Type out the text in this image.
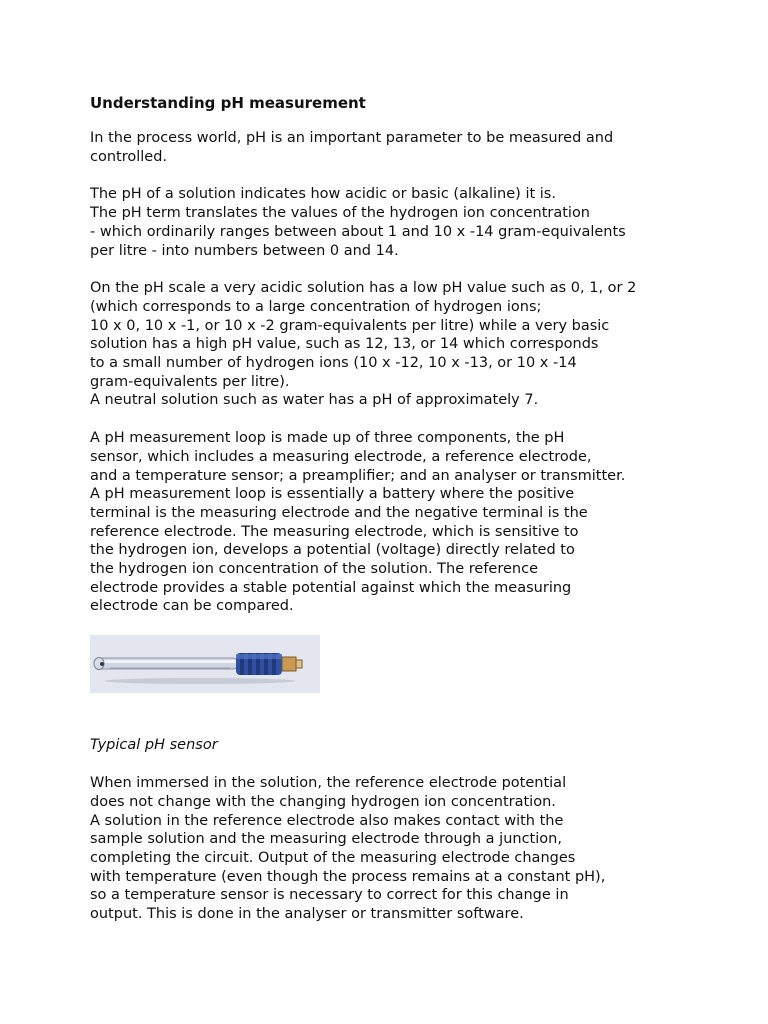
Understanding pH measurement
In the process world, pH is an important parameter to be measured and
controlled.
The pH of a solution indicates how acidic or basic (alkaline) it is.
The pH term translates the values of the hydrogen ion concentration
- which ordinarily ranges between about 1 and 10 x -14 gram-equivalents
per litre - into numbers between 0 and 14.
On the pH scale a very acidic solution has a low pH value such as 0, 1, or 2
(which corresponds to a large concentration of hydrogen ions;
10 x 0, 10 x -1, or 10 x -2 gram-equivalents per litre) while a very basic
solution has a high pH value, such as 12, 13, or 14 which corresponds
to a small number of hydrogen ions (10 x -12, 10 x -13, or 10 x -14
gram-equivalents per litre).
A neutral solution such as water has a pH of approximately 7.
A pH measurement loop is made up of three components, the pH
sensor, which includes a measuring electrode, a reference electrode,
and a temperature sensor; a preamplifier; and an analyser or transmitter.
A pH measurement loop is essentially a battery where the positive
terminal is the measuring electrode and the negative terminal is the
reference electrode. The measuring electrode, which is sensitive to
the hydrogen ion, develops a potential (voltage) directly related to
the hydrogen ion concentration of the solution. The reference
electrode provides a stable potential against which the measuring
electrode can be compared.
Typical pH sensor
When immersed in the solution, the reference electrode potential
does not change with the changing hydrogen ion concentration.
A solution in the reference electrode also makes contact with the
sample solution and the measuring electrode through a junction,
completing the circuit. Output of the measuring electrode changes
with temperature (even though the process remains at a constant pH),
so a temperature sensor is necessary to correct for this change in
output. This is done in the analyser or transmitter software.
